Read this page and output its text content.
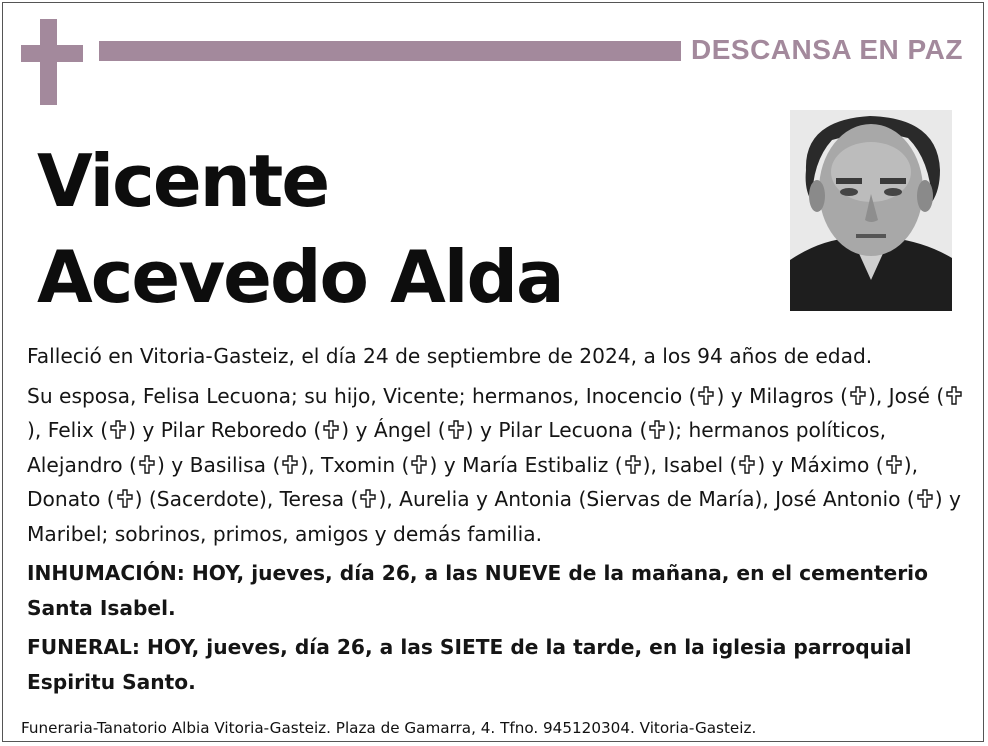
DESCANSA EN PAZ
Vicente
Acevedo Alda

Falleció en Vitoria-Gasteiz, el día 24 de septiembre de 2024, a los 94 años de edad.

Su esposa, Felisa Lecuona; su hijo, Vicente; hermanos, Inocencio ( ) y Milagros ( ), José (), Felix ( ) y Pilar Reboredo ( ) y Ángel ( ) y Pilar Lecuona ( ); hermanos políticos, Alejandro ( ) y Basilisa ( ), Txomin ( ) y María Estibaliz ( ), Isabel ( ) y Máximo ( ), Donato ( ) (Sacerdote), Teresa ( ), Aurelia y Antonia (Siervas de María), José Antonio ( ) y Maribel; sobrinos, primos, amigos y demás familia.

INHUMACIÓN: HOY, jueves, día 26, a las NUEVE de la mañana, en el cementerio Santa Isabel.

FUNERAL: HOY, jueves, día 26, a las SIETE de la tarde, en la iglesia parroquial Espiritu Santo.

Funeraria-Tanatorio Albia Vitoria-Gasteiz. Plaza de Gamarra, 4. Tfno. 945120304. Vitoria-Gasteiz.
